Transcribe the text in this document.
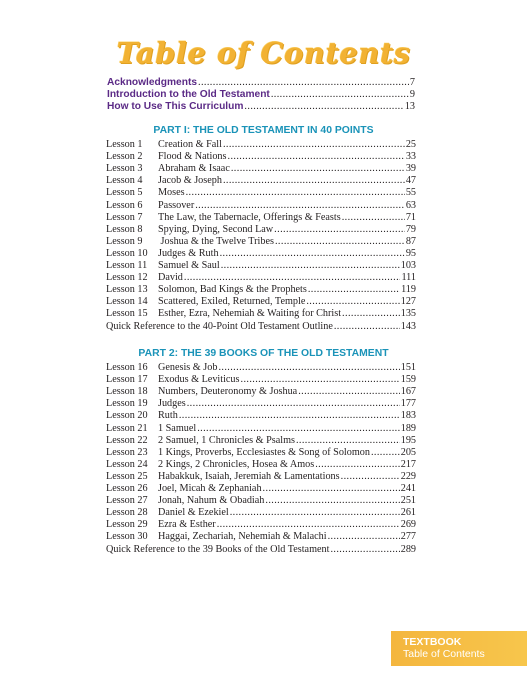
Table of Contents
Acknowledgments .....	7
Introduction to the Old Testament .....	9
How to Use This Curriculum .....	13
PART I: THE OLD TESTAMENT IN 40 POINTS
Lesson 1	Creation & Fall .....	25
Lesson 2	Flood & Nations .....	33
Lesson 3	Abraham & Isaac .....	39
Lesson 4	Jacob & Joseph .....	47
Lesson 5	Moses .....	55
Lesson 6	Passover .....	63
Lesson 7	The Law, the Tabernacle, Offerings & Feasts .....	71
Lesson 8	Spying, Dying, Second Law .....	79
Lesson 9	Joshua & the Twelve Tribes .....	87
Lesson 10	Judges & Ruth .....	95
Lesson 11	Samuel & Saul .....	103
Lesson 12	David .....	111
Lesson 13	Solomon, Bad Kings & the Prophets .....	119
Lesson 14	Scattered, Exiled, Returned, Temple .....	127
Lesson 15	Esther, Ezra, Nehemiah & Waiting for Christ .....	135
Quick Reference to the 40-Point Old Testament Outline .....	143
PART 2: THE 39 BOOKS OF THE OLD TESTAMENT
Lesson 16	Genesis & Job .....	151
Lesson 17	Exodus & Leviticus .....	159
Lesson 18	Numbers, Deuteronomy & Joshua .....	167
Lesson 19	Judges .....	177
Lesson 20	Ruth .....	183
Lesson 21	1 Samuel .....	189
Lesson 22	2 Samuel, 1 Chronicles & Psalms .....	195
Lesson 23	1 Kings, Proverbs, Ecclesiastes & Song of Solomon .....	205
Lesson 24	2 Kings, 2 Chronicles, Hosea & Amos .....	217
Lesson 25	Habakkuk, Isaiah, Jeremiah & Lamentations .....	229
Lesson 26	Joel, Micah & Zephaniah .....	241
Lesson 27	Jonah, Nahum & Obadiah .....	251
Lesson 28	Daniel & Ezekiel .....	261
Lesson 29	Ezra & Esther .....	269
Lesson 30	Haggai, Zechariah, Nehemiah & Malachi .....	277
Quick Reference to the 39 Books of the Old Testament .....	289
TEXTBOOK
Table of Contents
